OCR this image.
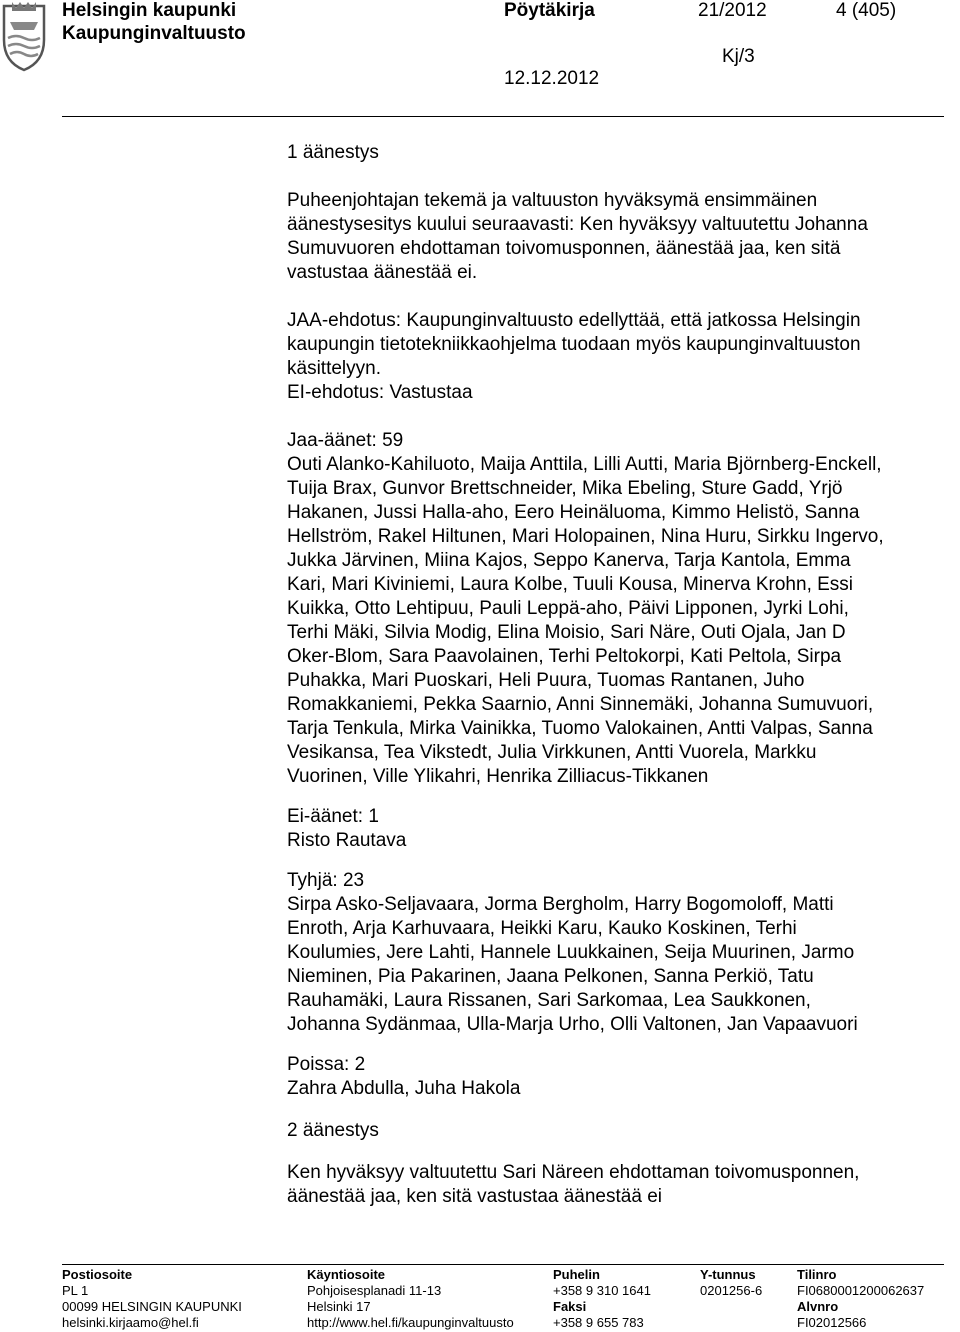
Helsingin kaupunki
Kaupunginvaltuusto
Pöytäkirja	21/2012	4 (405)
Kj/3
12.12.2012

1 äänestys

Puheenjohtajan tekemä ja valtuuston hyväksymä ensimmäinen
äänestysesitys kuului seuraavasti: Ken hyväksyy valtuutettu Johanna
Sumuvuoren ehdottaman toivomusponnen, äänestää jaa, ken sitä
vastustaa äänestää ei.
JAA-ehdotus: Kaupunginvaltuusto edellyttää, että jatkossa Helsingin
kaupungin tietotekniikkaohjelma tuodaan myös kaupunginvaltuuston
käsittelyyn.
EI-ehdotus: Vastustaa
Jaa-äänet: 59
Outi Alanko-Kahiluoto, Maija Anttila, Lilli Autti, Maria Björnberg-Enckell,
Tuija Brax, Gunvor Brettschneider, Mika Ebeling, Sture Gadd, Yrjö
Hakanen, Jussi Halla-aho, Eero Heinäluoma, Kimmo Helistö, Sanna
Hellström, Rakel Hiltunen, Mari Holopainen, Nina Huru, Sirkku Ingervo,
Jukka Järvinen, Miina Kajos, Seppo Kanerva, Tarja Kantola, Emma
Kari, Mari Kiviniemi, Laura Kolbe, Tuuli Kousa, Minerva Krohn, Essi
Kuikka, Otto Lehtipuu, Pauli Leppä-aho, Päivi Lipponen, Jyrki Lohi,
Terhi Mäki, Silvia Modig, Elina Moisio, Sari Näre, Outi Ojala, Jan D
Oker-Blom, Sara Paavolainen, Terhi Peltokorpi, Kati Peltola, Sirpa
Puhakka, Mari Puoskari, Heli Puura, Tuomas Rantanen, Juho
Romakkaniemi, Pekka Saarnio, Anni Sinnemäki, Johanna Sumuvuori,
Tarja Tenkula, Mirka Vainikka, Tuomo Valokainen, Antti Valpas, Sanna
Vesikansa, Tea Vikstedt, Julia Virkkunen, Antti Vuorela, Markku
Vuorinen, Ville Ylikahri, Henrika Zilliacus-Tikkanen
Ei-äänet: 1
Risto Rautava
Tyhjä: 23
Sirpa Asko-Seljavaara, Jorma Bergholm, Harry Bogomoloff, Matti
Enroth, Arja Karhuvaara, Heikki Karu, Kauko Koskinen, Terhi
Koulumies, Jere Lahti, Hannele Luukkainen, Seija Muurinen, Jarmo
Nieminen, Pia Pakarinen, Jaana Pelkonen, Sanna Perkiö, Tatu
Rauhamäki, Laura Rissanen, Sari Sarkomaa, Lea Saukkonen,
Johanna Sydänmaa, Ulla-Marja Urho, Olli Valtonen, Jan Vapaavuori
Poissa: 2
Zahra Abdulla, Juha Hakola
2 äänestys
Ken hyväksyy valtuutettu Sari Näreen ehdottaman toivomusponnen,
äänestää jaa, ken sitä vastustaa äänestää ei
Postiosoite
PL 1
00099 HELSINGIN KAUPUNKI
helsinki.kirjaamo@hel.fi
Käyntiosoite
Pohjoisesplanadi 11-13
Helsinki 17
http://www.hel.fi/kaupunginvaltuusto
Puhelin
+358 9 310 1641
Faksi
+358 9 655 783
Y-tunnus
0201256-6
Tilinro
FI0680001200062637
Alvnro
FI02012566
